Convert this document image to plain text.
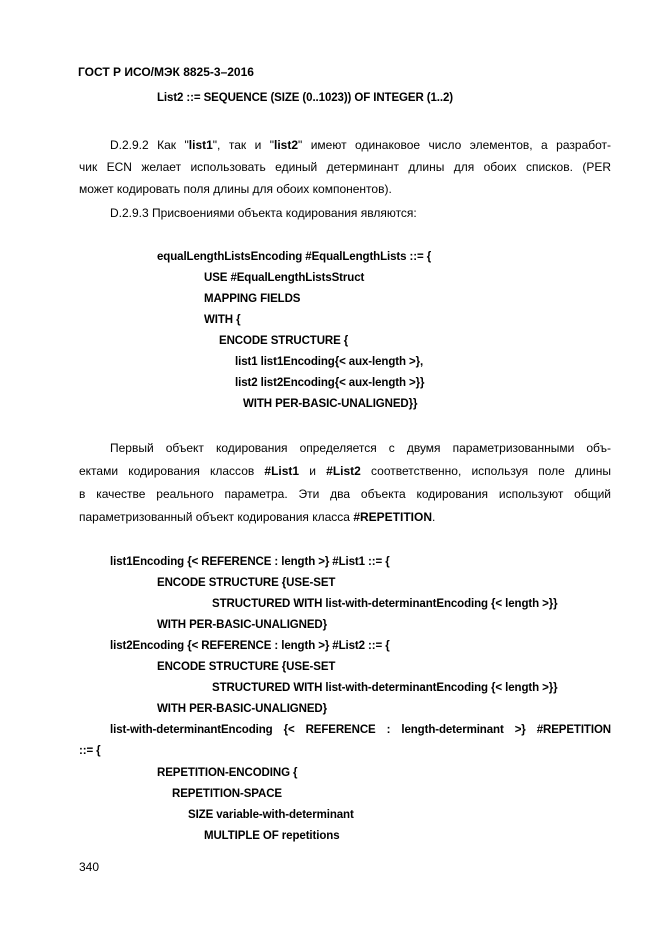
ГОСТ Р ИСО/МЭК 8825-3–2016
List2 ::= SEQUENCE (SIZE (0..1023)) OF INTEGER (1..2)
D.2.9.2 Как "list1", так и "list2" имеют одинаковое число элементов, а разработ-
чик ECN желает использовать единый детерминант длины для обоих списков. (PER
может кодировать поля длины для обоих компонентов).
D.2.9.3 Присвоениями объекта кодирования являются:
equalLengthListsEncoding #EqualLengthLists ::= {
USE #EqualLengthListsStruct
MAPPING FIELDS
WITH {
ENCODE STRUCTURE {
list1 list1Encoding{< aux-length >},
list2 list2Encoding{< aux-length >}}
WITH PER-BASIC-UNALIGNED}}
Первый объект кодирования определяется с двумя параметризованными объ-
ектами кодирования классов #List1 и #List2 соответственно, используя поле длины
в качестве реального параметра. Эти два объекта кодирования используют общий
параметризованный объект кодирования класса #REPETITION.
list1Encoding {< REFERENCE : length >} #List1 ::= {
ENCODE STRUCTURE {USE-SET
STRUCTURED WITH list-with-determinantEncoding {< length >}}
WITH PER-BASIC-UNALIGNED}
list2Encoding {< REFERENCE : length >} #List2 ::= {
ENCODE STRUCTURE {USE-SET
STRUCTURED WITH list-with-determinantEncoding {< length >}}
WITH PER-BASIC-UNALIGNED}
list-with-determinantEncoding {< REFERENCE : length-determinant >} #REPETITION
::= {
REPETITION-ENCODING {
REPETITION-SPACE
SIZE variable-with-determinant
MULTIPLE OF repetitions
340
